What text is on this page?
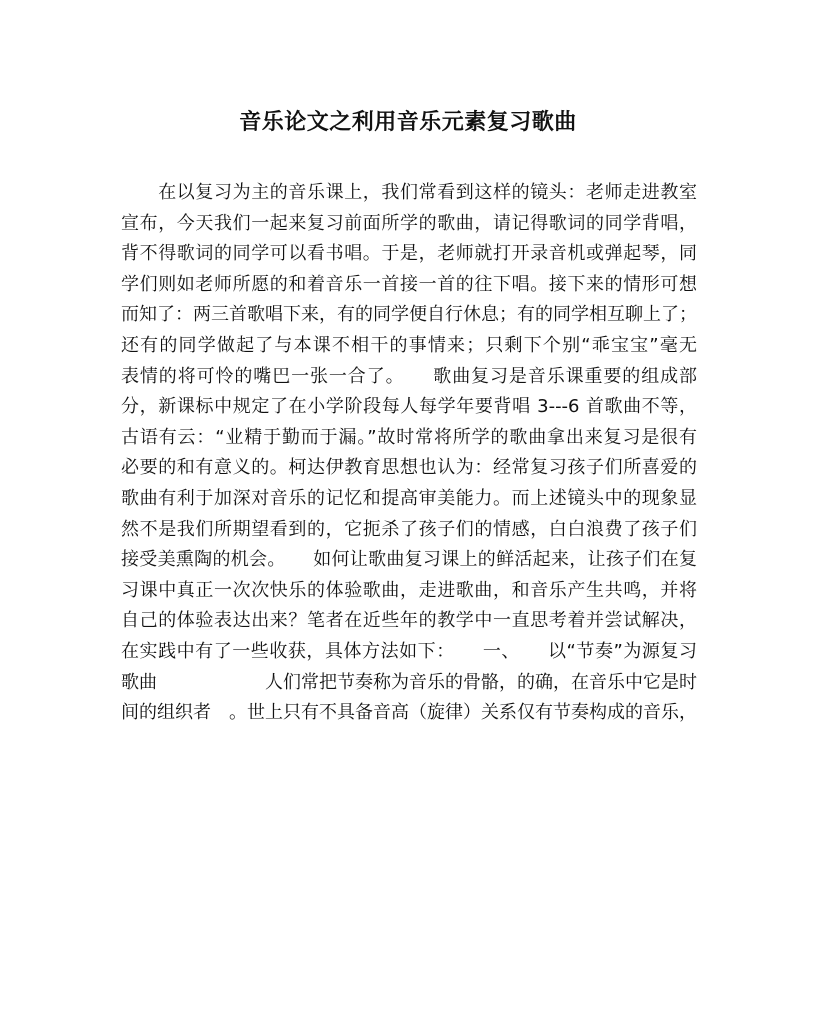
音乐论文之利用音乐元素复习歌曲
　　在以复习为主的音乐课上，我们常看到这样的镜头：老师走进教室
宣布，今天我们一起来复习前面所学的歌曲，请记得歌词的同学背唱，
背不得歌词的同学可以看书唱。于是，老师就打开录音机或弹起琴，同
学们则如老师所愿的和着音乐一首接一首的往下唱。接下来的情形可想
而知了：两三首歌唱下来，有的同学便自行休息；有的同学相互聊上了；
还有的同学做起了与本课不相干的事情来；只剩下个别“乖宝宝”毫无
表情的将可怜的嘴巴一张一合了。　　歌曲复习是音乐课重要的组成部
分，新课标中规定了在小学阶段每人每学年要背唱 3---6 首歌曲不等，
古语有云：“业精于勤而于漏。”故时常将所学的歌曲拿出来复习是很有
必要的和有意义的。柯达伊教育思想也认为：经常复习孩子们所喜爱的
歌曲有利于加深对音乐的记忆和提高审美能力。而上述镜头中的现象显
然不是我们所期望看到的，它扼杀了孩子们的情感，白白浪费了孩子们
接受美熏陶的机会。　　如何让歌曲复习课上的鲜活起来，让孩子们在复
习课中真正一次次快乐的体验歌曲，走进歌曲，和音乐产生共鸣，并将
自己的体验表达出来？笔者在近些年的教学中一直思考着并尝试解决，
在实践中有了一些收获，具体方法如下：　　一、　　以“节奏”为源复习
歌曲　　　　　　人们常把节奏称为音乐的骨骼，的确，在音乐中它是时
间的组织者　。世上只有不具备音高（旋律）关系仅有节奏构成的音乐，
